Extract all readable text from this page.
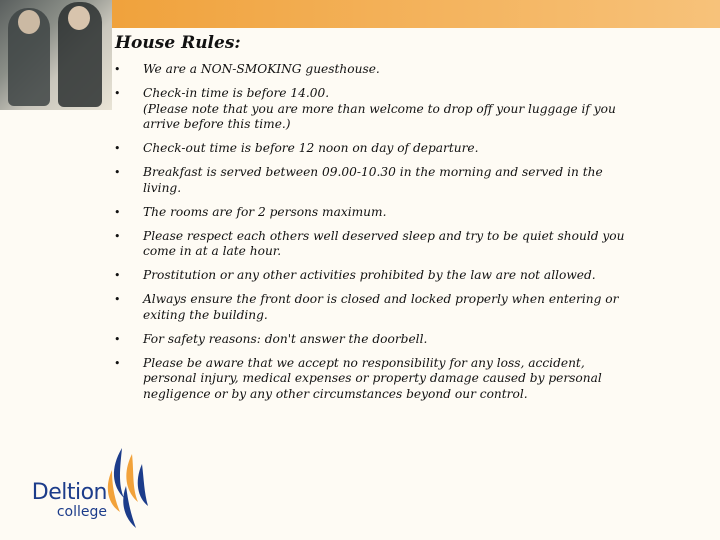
House Rules:
• We are a NON-SMOKING guesthouse.
• Check-in time is before 14.00.
(Please note that you are more than welcome to drop off your luggage if you
arrive before this time.)
• Check-out time is before 12 noon on day of departure.
• Breakfast is served between 09.00-10.30 in the morning and served in the
living.
• The rooms are for 2 persons maximum.
• Please respect each others well deserved sleep and try to be quiet should you
come in at a late hour.
• Prostitution or any other activities prohibited by the law are not allowed.
• Always ensure the front door is closed and locked properly when entering or
exiting the building.
• For safety reasons: don't answer the doorbell.
• Please be aware that we accept no responsibility for any loss, accident,
personal injury, medical expenses or property damage caused by personal
negligence or by any other circumstances beyond our control.
Deltion
college
